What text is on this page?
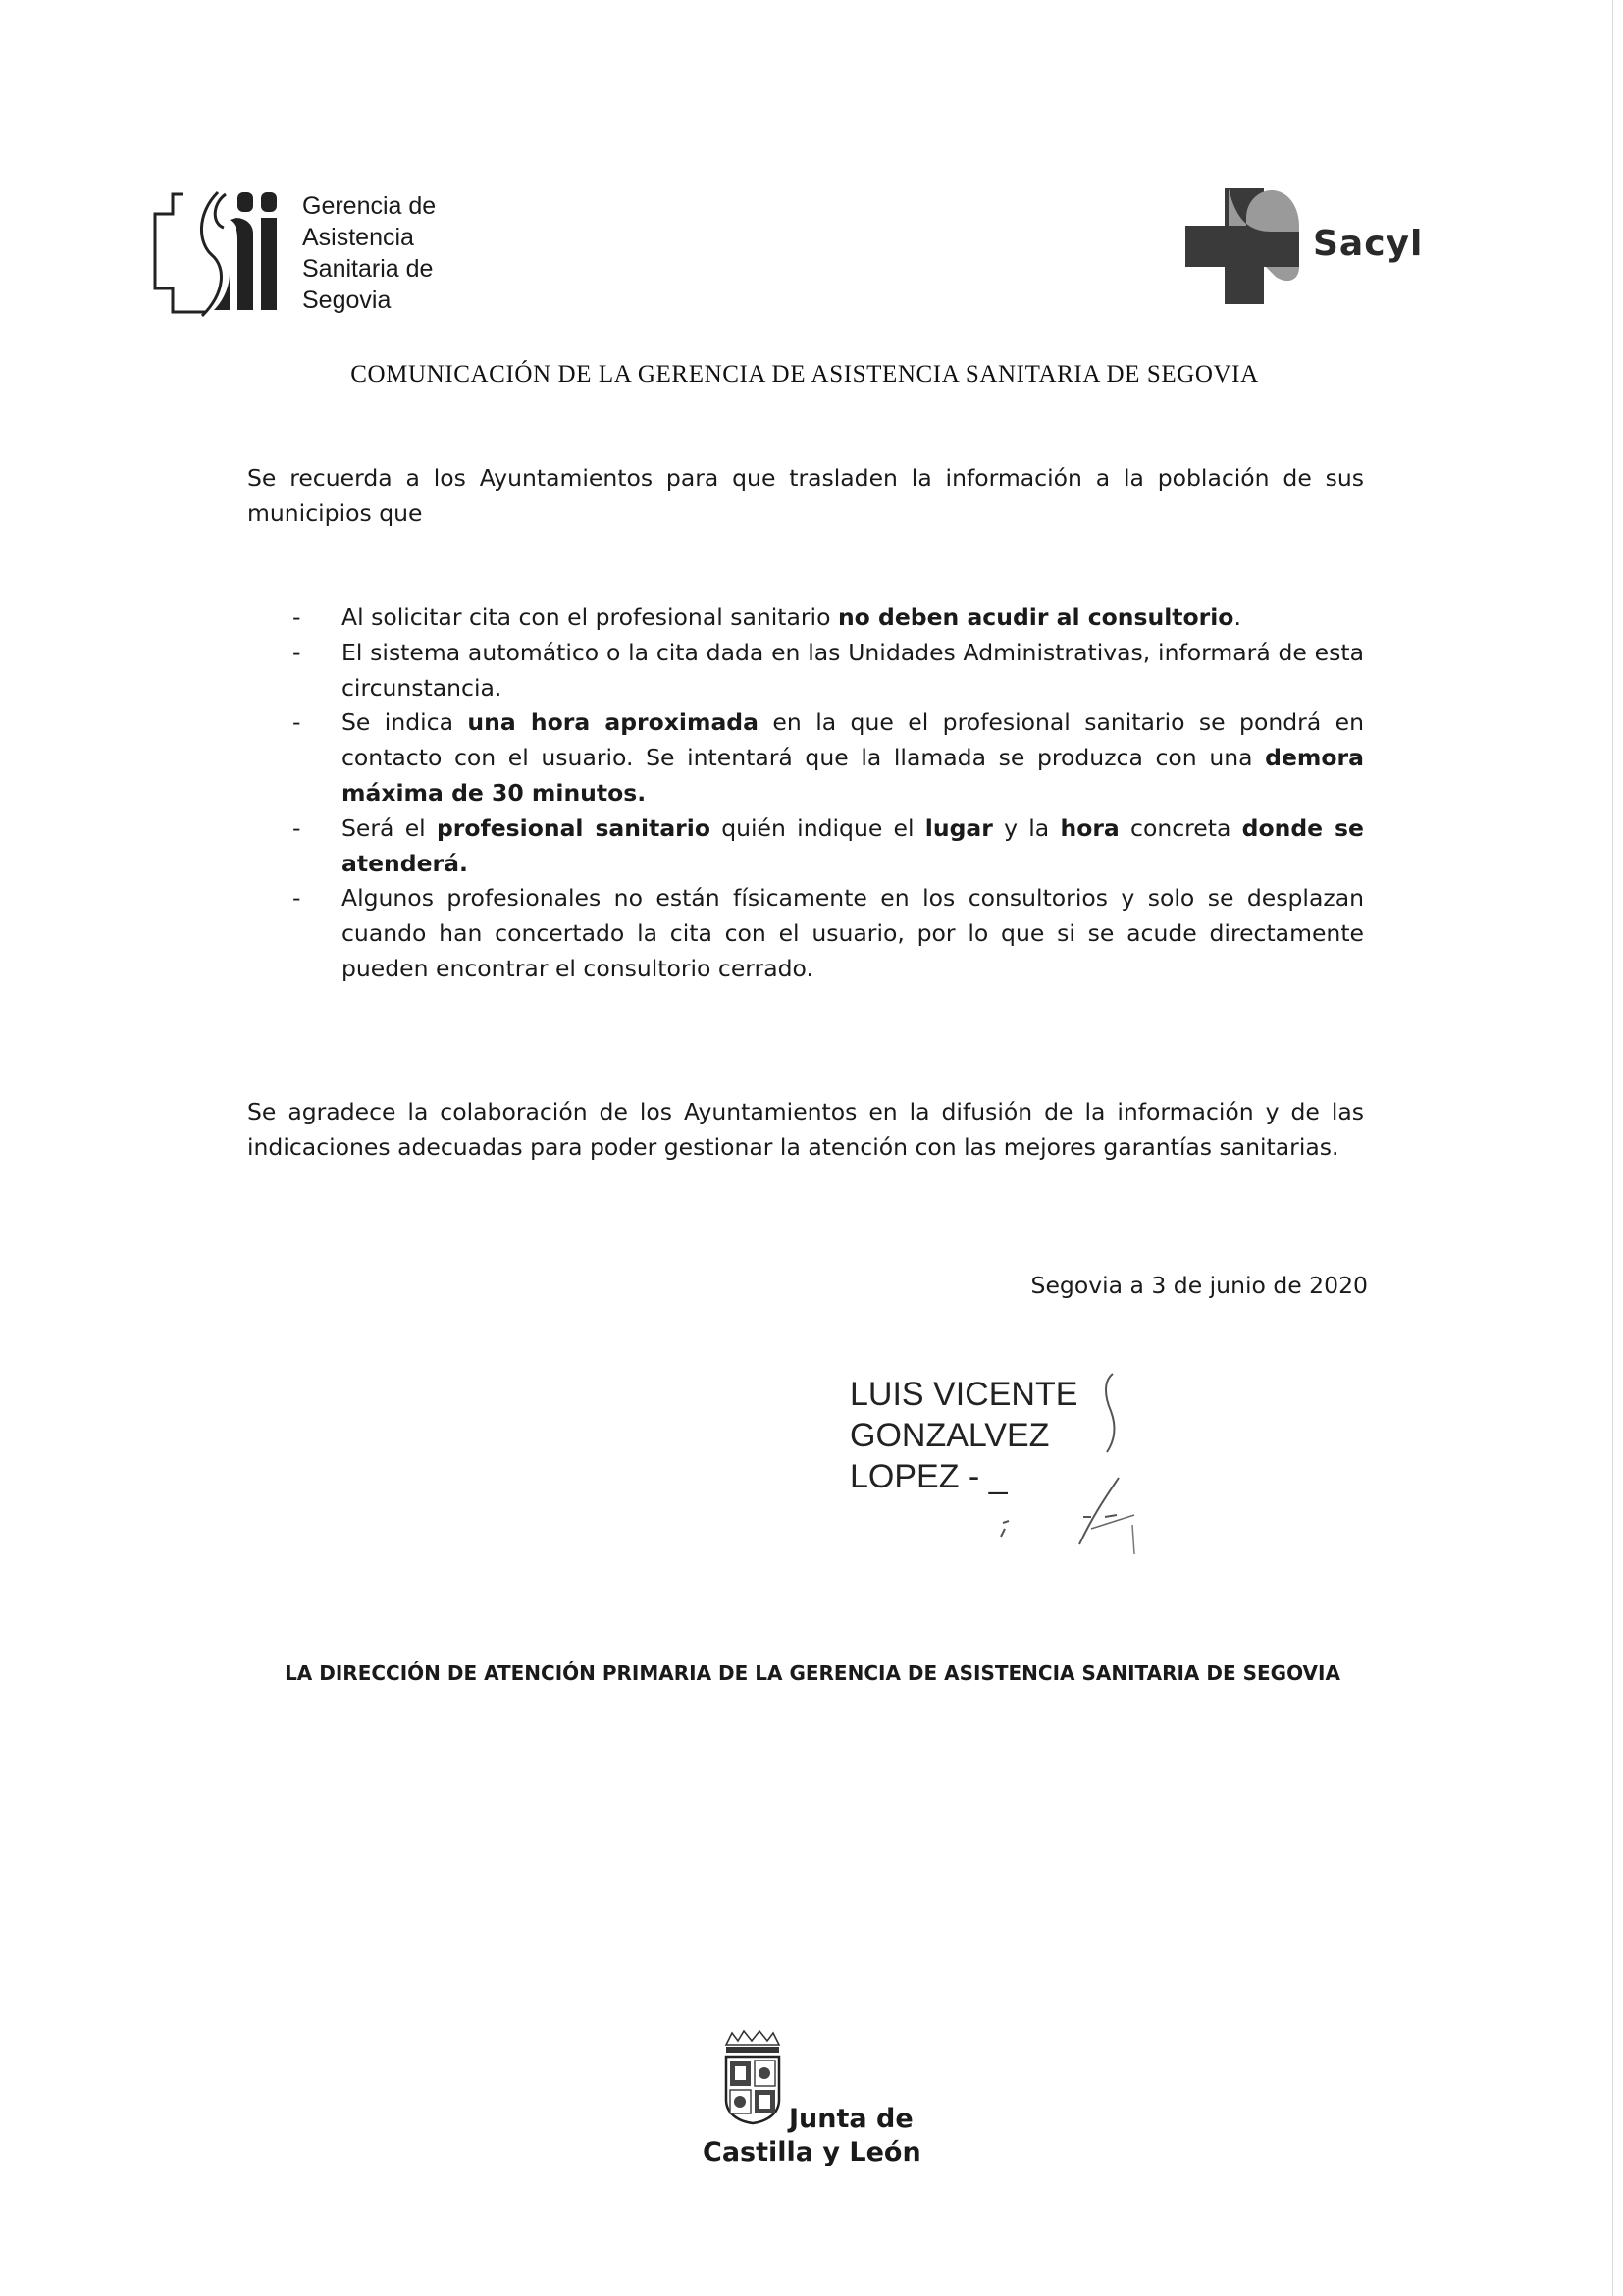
Gerencia de
Asistencia
Sanitaria de
Segovia
Sacyl
COMUNICACIÓN DE LA GERENCIA DE ASISTENCIA SANITARIA DE SEGOVIA
Se recuerda a los Ayuntamientos para que trasladen la información a la población de sus municipios que
- Al solicitar cita con el profesional sanitario no deben acudir al consultorio.
- El sistema automático o la cita dada en las Unidades Administrativas, informará de esta circunstancia.
- Se indica una hora aproximada en la que el profesional sanitario se pondrá en contacto con el usuario. Se intentará que la llamada se produzca con una demora máxima de 30 minutos.
- Será el profesional sanitario quién indique el lugar y la hora concreta donde se atenderá.
- Algunos profesionales no están físicamente en los consultorios y solo se desplazan cuando han concertado la cita con el usuario, por lo que si se acude directamente pueden encontrar el consultorio cerrado.
Se agradece la colaboración de los Ayuntamientos en la difusión de la información y de las indicaciones adecuadas para poder gestionar la atención con las mejores garantías sanitarias.
Segovia a 3 de junio de 2020
LUIS VICENTE
GONZALVEZ
LOPEZ - _
LA DIRECCIÓN DE ATENCIÓN PRIMARIA DE LA GERENCIA DE ASISTENCIA SANITARIA DE SEGOVIA
Junta de
Castilla y León
